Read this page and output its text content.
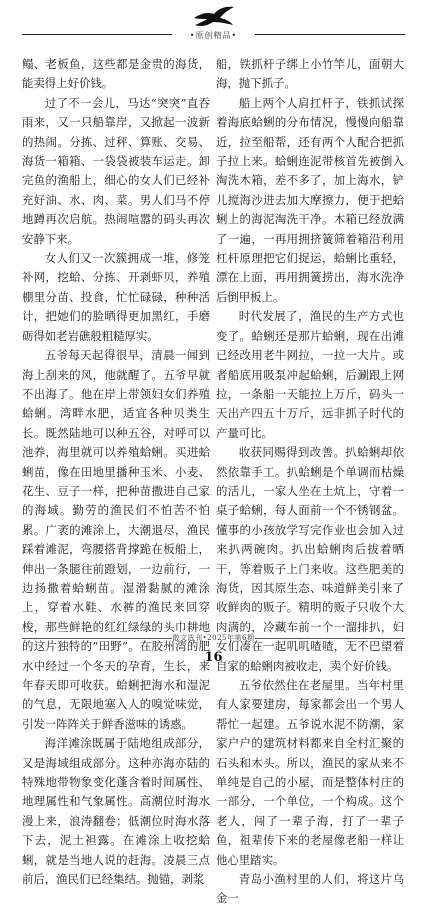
•原创精品•

鳎、老板鱼，这些都是金贵的海货，能卖得上好价钱。

过了不一会儿，马达“突突”直吞雨来，又一只船靠岸，又掀起一波新的热闹。分拣、过秤、算账、交易、海货一箱箱、一袋袋被装车运走。卸完鱼的渔船上，细心的女人们已经补充好油、水、肉、菜。男人们马不停地蹲再次启航。热闹喧嚣的码头再次安静下来。

女人们又一次簇拥成一堆，修笼补网，挖蛤、分拣、开剥虾贝，养殖棚里分苗、投食，忙忙碌碌，种种活计，把她们的脸晒得更加黑红，手磨砺得如老岩礁般粗糙厚实。

五爷每天起得很早，清晨一闻到海上刮来的风，他就醒了。五爷早就不出海了。他在岸上带领妇女们养殖蛤蜊。湾畔水肥，适宜各种贝类生长。既然陆地可以种五谷，对呼可以池养，海里就可以养殖蛤蜊。买进蛤蜊苗，像在田地里播种玉米、小麦、花生、豆子一样，把种苗撒进自己家的海域。勤劳的渔民们不怕苦不怕累。广袤的滩涂上，大潮退尽，渔民踩着滩泥，弯腰搭背撑跪在板船上，伸出一条腿往前蹬划，一边前行，一边扬撒着蛤蜊苗。湿滑黏腻的滩涂上，穿着水鞋、水裤的渔民来回穿梭，那些鲜艳的红红绿绿的头巾耕地的这片独特的“田野”。在胶州湾的肥水中经过一个冬天的孕育，生长，来年春天即可收获。蛤蜊把海水和湿泥的气息，无限地塞入人的嗅觉味觉，引发一阵阵关于鲜香滋味的诱惑。

海洋滩涂既属于陆地组成部分，又是海域组成部分。这种亦海亦陆的特殊地带物象变化蓬含着时间属性、地理属性和气象属性。高潮位时海水漫上来，浪涛翻卷；低潮位时海水落下去，泥土袒露。在滩涂上收挖蛤蜊，就是当地人说的赶海。凌晨三点前后，渔民们已经集结。抛锚，剥浆

船，铁抓杆子绑上小竹竿儿，面朝大海，抛下抓子。

船上两个人肩扛杆子，铁抓试探着海底蛤蜊的分布情况，慢慢向船靠近，拉至船帮，还有两个人配合把抓子拉上来。蛤蜊连泥带核首先被倒入淘洗木箱，差不多了，加上海水，铲儿搅海沙进去加大摩擦力，便于把蛤蜊上的海泥淘洗干净。木箱已经放满了一遍，一再用拥挤簧筛着箱沿利用杠杆原理把它们捉运，蛤蜊比重轻，漂在上面，再用拥簧捞出，海水洗净后倒甲板上。

时代发展了，渔民的生产方式也变了。蛤蜊还是那片蛤蜊，现在出滩已经改用老牛网拉，一拉一大片。或者船底用吸泵冲起蛤蜊，后涮跟上网拉，一条船一天能拉上万斤，码头一天出产四五十万斤，远非抓子时代的产量可比。

收获同赐得到改善。扒蛤蜊却依然依靠手工。扒蛤蜊是个单调而枯燥的活儿，一家人坐在土炕上，守着一桌子蛤蜊，每人面前一个不锈钢盆。懂事的小孩放学写完作业也会加入过来扒两碗肉。扒出蛤蜊肉后拔着晒干，等着贩子上门来收。这些肥美的海货，因其原生态、味道鲜美引来了收鲜肉的贩子。精明的贩子只收个大肉满的，冷藏车前一个一溜排扒，妇女们凑在一起叽叽喳喳，无不巴望着自家的蛤蜊肉被收走，卖个好价钱。

五爷依然住在老屋里。当年村里有人家要建房，每家都会出一个男人帮忙一起建。五爷说水泥不防潮，家家户户的建筑材料都来自全村汇聚的石头和木头。所以，渔民的家从来不单纯是自己的小屋，而是整体村庄的一部分，一个单位，一个构成。这个老人，闯了一辈子海，打了一辈子鱼，祖辈传下来的老屋像老船一样让他心里踏实。

青岛小渔村里的人们，将这片乌金一

散文选刊•2025年第6期
16
